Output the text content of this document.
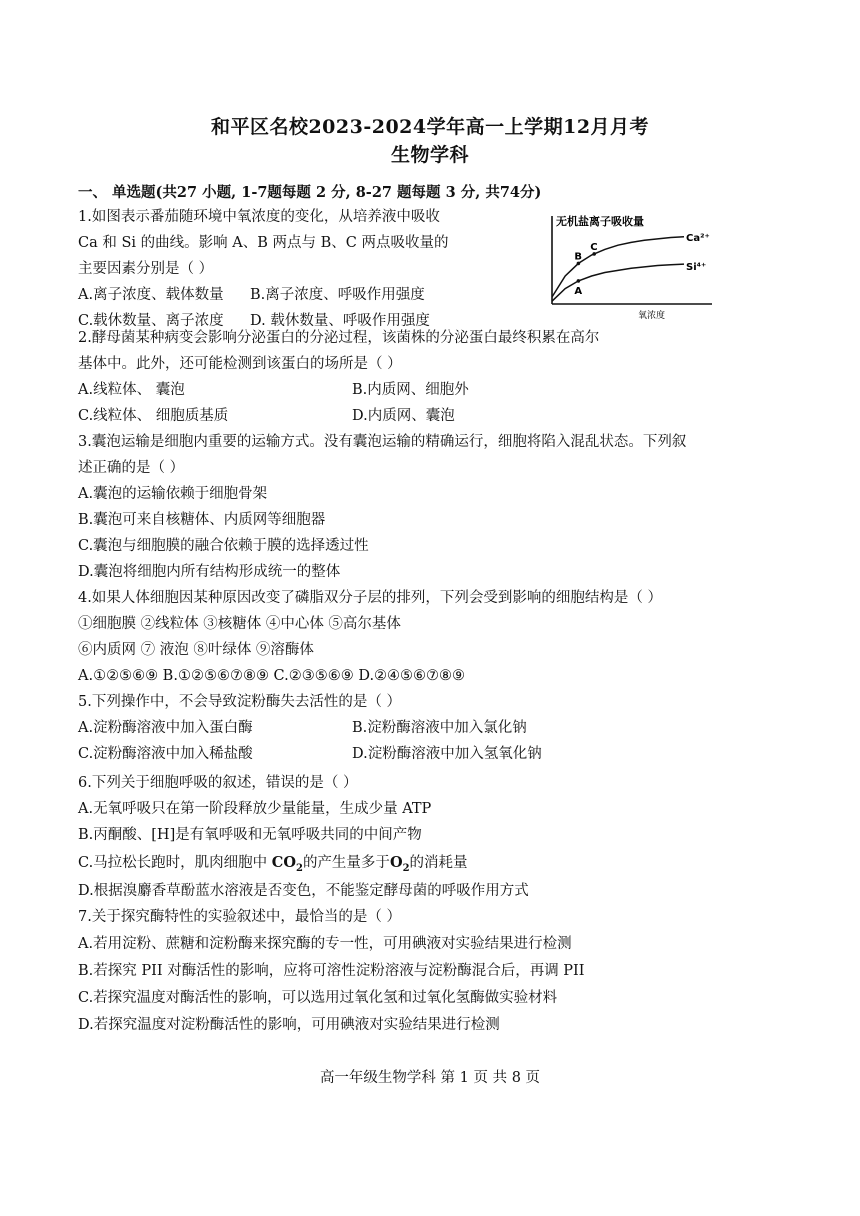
和平区名校2023-2024学年高一上学期12月月考
生物学科
一、 单选题(共27 小题, 1-7题每题 2 分, 8-27 题每题 3 分, 共74分)
1.如图表示番茄随环境中氧浓度的变化，从培养液中吸收
Ca 和 Si 的曲线。影响 A、B 两点与 B、C 两点吸收量的
主要因素分别是（ ）
A.离子浓度、载体数量 B.离子浓度、呼吸作用强度
C.载休数量、离子浓度 D. 载休数量、呼吸作用强度
无机盐离子吸收量
氧浓度
Ca²⁺
Si⁴⁺
B
C
A
2.酵母菌某种病变会影响分泌蛋白的分泌过程，该菌株的分泌蛋白最终积累在高尔
基体中。此外，还可能检测到该蛋白的场所是（ ）
A.线粒体、 囊泡	B.内质网、细胞外
C.线粒体、 细胞质基质	D.内质网、囊泡
3.囊泡运输是细胞内重要的运输方式。没有囊泡运输的精确运行，细胞将陷入混乱状态。下列叙
述正确的是（ ）
A.囊泡的运输依赖于细胞骨架
B.囊泡可来自核糖体、内质网等细胞器
C.囊泡与细胞膜的融合依赖于膜的选择透过性
D.囊泡将细胞内所有结构形成统一的整体
4.如果人体细胞因某种原因改变了磷脂双分子层的排列，下列会受到影响的细胞结构是（ ）
①细胞膜 ②线粒体 ③核糖体 ④中心体 ⑤高尔基体
⑥内质网 ⑦ 液泡 ⑧叶绿体 ⑨溶酶体
A.①②⑤⑥⑨ B.①②⑤⑥⑦⑧⑨ C.②③⑤⑥⑨ D.②④⑤⑥⑦⑧⑨
5.下列操作中，不会导致淀粉酶失去活性的是（ ）
A.淀粉酶溶液中加入蛋白酶	B.淀粉酶溶液中加入氯化钠
C.淀粉酶溶液中加入稀盐酸	D.淀粉酶溶液中加入氢氧化钠
6.下列关于细胞呼吸的叙述，错误的是（ ）
A.无氧呼吸只在第一阶段释放少量能量，生成少量 ATP
B.丙酮酸、[H]是有氧呼吸和无氧呼吸共同的中间产物
C.马拉松长跑时，肌肉细胞中 $CO_2$的产生量多于$O_2$的消耗量
D.根据溴麝香草酚蓝水溶液是否变色，不能鉴定酵母菌的呼吸作用方式
7.关于探究酶特性的实验叙述中，最恰当的是（ ）
A.若用淀粉、蔗糖和淀粉酶来探究酶的专一性，可用碘液对实验结果进行检测
B.若探究 PII 对酶活性的影响，应将可溶性淀粉溶液与淀粉酶混合后，再调 PII
C.若探究温度对酶活性的影响，可以选用过氧化氢和过氧化氢酶做实验材料
D.若探究温度对淀粉酶活性的影响，可用碘液对实验结果进行检测
高一年级生物学科 第 1 页 共 8 页
